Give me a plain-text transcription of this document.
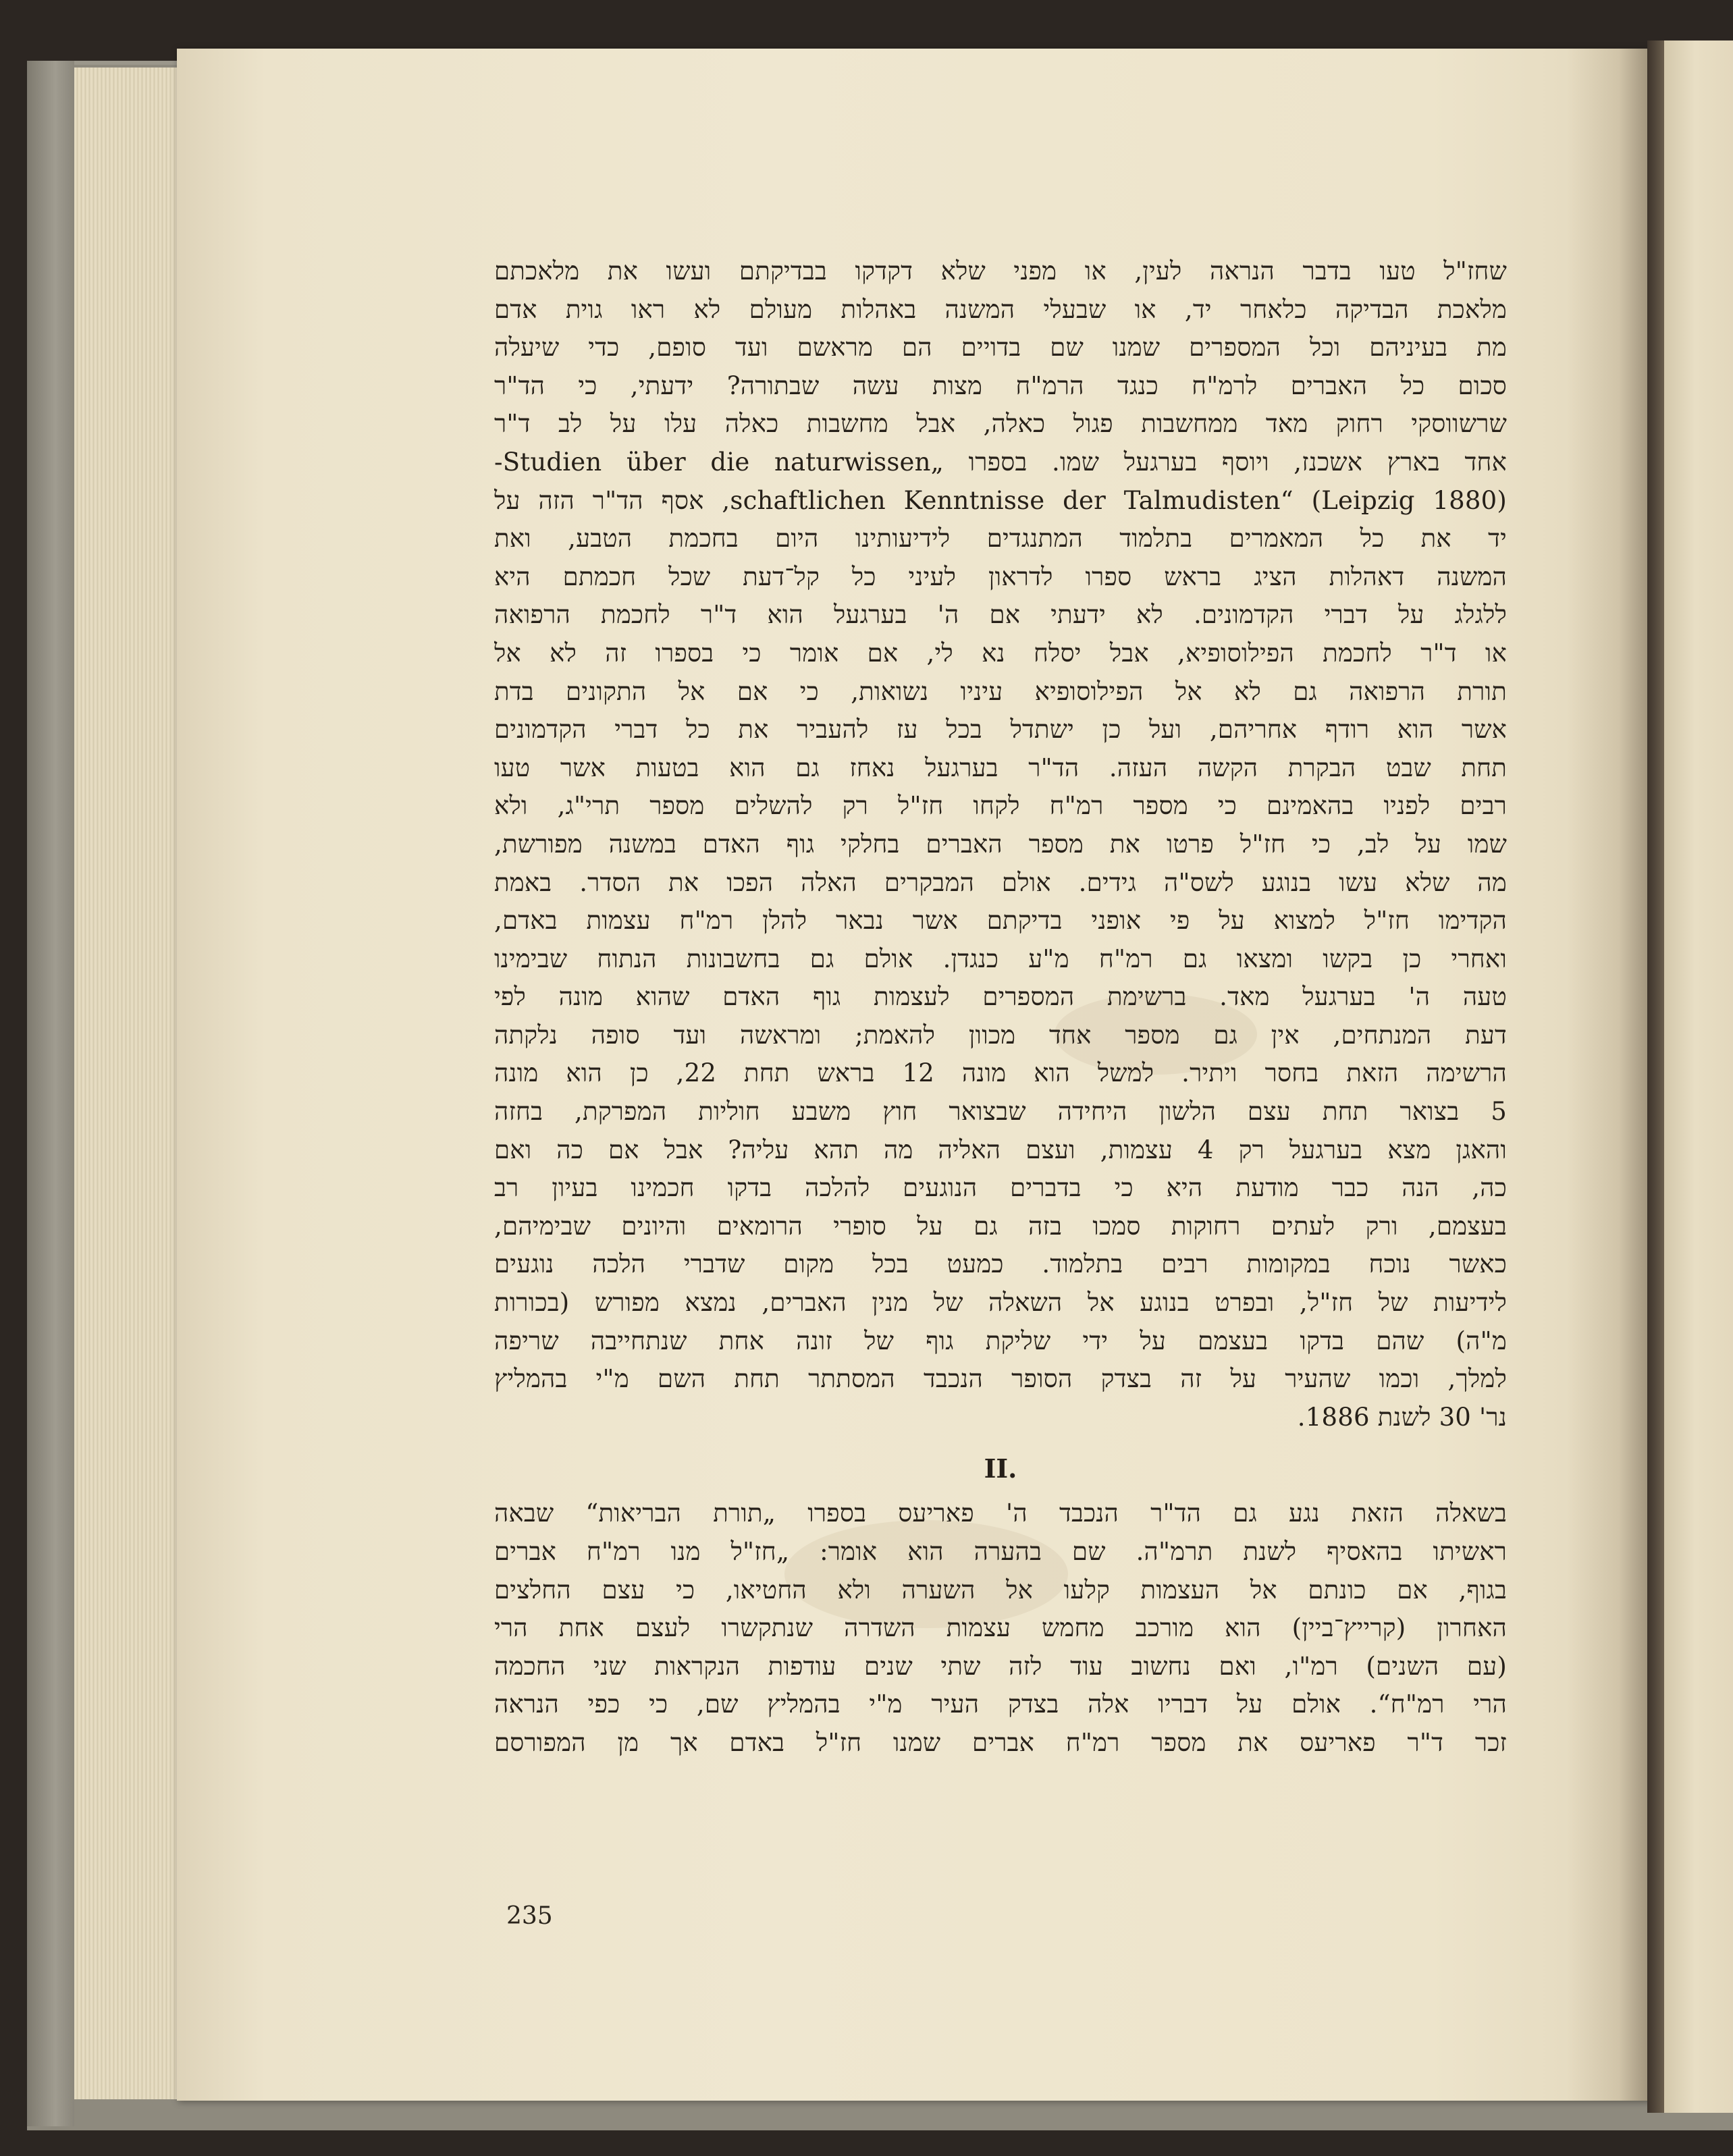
שחז"ל טעו בדבר הנראה לעין, או מפני שלא דקדקו בבדיקתם ועשו את מלאכתם
מלאכת הבדיקה כלאחר יד, או שבעלי המשנה באהלות מעולם לא ראו גוית אדם
מת בעיניהם וכל המספרים שמנו שם בדויים הם מראשם ועד סופם, כדי שיעלה
סכום כל האברים לרמ"ח כנגד הרמ"ח מצות עשה שבתורה? ידעתי, כי הד"ר
שרשווסקי רחוק מאד ממחשבות פגול כאלה, אבל מחשבות כאלה עלו על לב ד"ר
אחד בארץ אשכנז, ויוסף בערגעל שמו. בספרו „Studien über die naturwissen-
schaftlichen Kenntnisse der Talmudisten“ (Leipzig 1880), אסף הד"ר הזה על
יד את כל המאמרים בתלמוד המתנגדים לידיעותינו היום בחכמת הטבע, ואת
המשנה דאהלות הציג בראש ספרו לדראון לעיני כל קל־דעת שכל חכמתם היא
ללגלג על דברי הקדמונים. לא ידעתי אם ה' בערגעל הוא ד"ר לחכמת הרפואה
או ד"ר לחכמת הפילוסופיא, אבל יסלח נא לי, אם אומר כי בספרו זה לא אל
תורת הרפואה גם לא אל הפילוסופיא עיניו נשואות, כי אם אל התקונים בדת
אשר הוא רודף אחריהם, ועל כן ישתדל בכל עז להעביר את כל דברי הקדמונים
תחת שבט הבקרת הקשה העזה. הד"ר בערגעל נאחז גם הוא בטעות אשר טעו
רבים לפניו בהאמינם כי מספר רמ"ח לקחו חז"ל רק להשלים מספר תרי"ג, ולא
שמו על לב, כי חז"ל פרטו את מספר האברים בחלקי גוף האדם במשנה מפורשת,
מה שלא עשו בנוגע לשס"ה גידים. אולם המבקרים האלה הפכו את הסדר. באמת
הקדימו חז"ל למצוא על פי אופני בדיקתם אשר נבאר להלן רמ"ח עצמות באדם,
ואחרי כן בקשו ומצאו גם רמ"ח מ"ע כנגדן. אולם גם בחשבונות הנתוח שבימינו
טעה ה' בערגעל מאד. ברשימת המספרים לעצמות גוף האדם שהוא מונה לפי
דעת המנתחים, אין גם מספר אחד מכוון להאמת; ומראשה ועד סופה נלקתה
הרשימה הזאת בחסר ויתיר. למשל הוא מונה 12 בראש תחת 22, כן הוא מונה
5 בצואר תחת עצם הלשון היחידה שבצואר חוץ משבע חוליות המפרקת, בחזה
והאגן מצא בערגעל רק 4 עצמות, ועצם האליה מה תהא עליה? אבל אם כה ואם
כה, הנה כבר מודעת היא כי בדברים הנוגעים להלכה בדקו חכמינו בעיון רב
בעצמם, ורק לעתים רחוקות סמכו בזה גם על סופרי הרומאים והיונים שבימיהם,
כאשר נוכח במקומות רבים בתלמוד. כמעט בכל מקום שדברי הלכה נוגעים
לידיעות של חז"ל, ובפרט בנוגע אל השאלה של מנין האברים, נמצא מפורש (בכורות
מ"ה) שהם בדקו בעצמם על ידי שליקת גוף של זונה אחת שנתחייבה שריפה
למלך, וכמו שהעיר על זה בצדק הסופר הנכבד המסתתר תחת השם מ"י בהמליץ
נר' 30 לשנת 1886.
II.
בשאלה הזאת נגע גם הד"ר הנכבד ה' פאריעס בספרו „תורת הבריאות“ שבאה
ראשיתו בהאסיף לשנת תרמ"ה. שם בהערה הוא אומר: „חז"ל מנו רמ"ח אברים
בגוף, אם כונתם אל העצמות קלעו אל השערה ולא החטיאו, כי עצם החלצים
האחרון (קרייץ־ביין) הוא מורכב מחמש עצמות השדרה שנתקשרו לעצם אחת הרי
(עם השנים) רמ"ו, ואם נחשוב עוד לזה שתי שנים עודפות הנקראות שני החכמה
הרי רמ"ח“. אולם על דבריו אלה בצדק העיר מ"י בהמליץ שם, כי כפי הנראה
זכר ד"ר פאריעס את מספר רמ"ח אברים שמנו חז"ל באדם אך מן המפורסם
235
